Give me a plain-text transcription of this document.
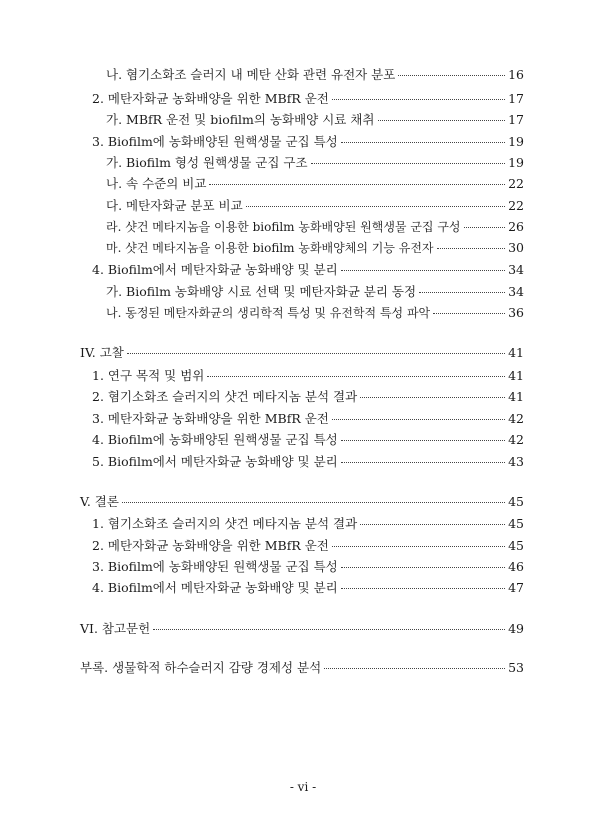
나. 혐기소화조 슬러지 내 메탄 산화 관련 유전자 분포	16
2. 메탄자화균 농화배양을 위한 MBfR 운전	17
가. MBfR 운전 및 biofilm의 농화배양 시료 채취	17
3. Biofilm에 농화배양된 원핵생물 군집 특성	19
가. Biofilm 형성 원핵생물 군집 구조	19
나. 속 수준의 비교	22
다. 메탄자화균 분포 비교	22
라. 샷건 메타지놈을 이용한 biofilm 농화배양된 원핵생물 군집 구성	26
마. 샷건 메타지놈을 이용한 biofilm 농화배양체의 기능 유전자	30
4. Biofilm에서 메탄자화균 농화배양 및 분리	34
가. Biofilm 농화배양 시료 선택 및 메탄자화균 분리 동정	34
나. 동정된 메탄자화균의 생리학적 특성 및 유전학적 특성 파악	36
IV. 고찰	41
1. 연구 목적 및 범위	41
2. 혐기소화조 슬러지의 샷건 메타지놈 분석 결과	41
3. 메탄자화균 농화배양을 위한 MBfR 운전	42
4. Biofilm에 농화배양된 원핵생물 군집 특성	42
5. Biofilm에서 메탄자화균 농화배양 및 분리	43
V. 결론	45
1. 혐기소화조 슬러지의 샷건 메타지놈 분석 결과	45
2. 메탄자화균 농화배양을 위한 MBfR 운전	45
3. Biofilm에 농화배양된 원핵생물 군집 특성	46
4. Biofilm에서 메탄자화균 농화배양 및 분리	47
VI. 참고문헌	49
부록. 생물학적 하수슬러지 감량 경제성 분석	53
- vi -
